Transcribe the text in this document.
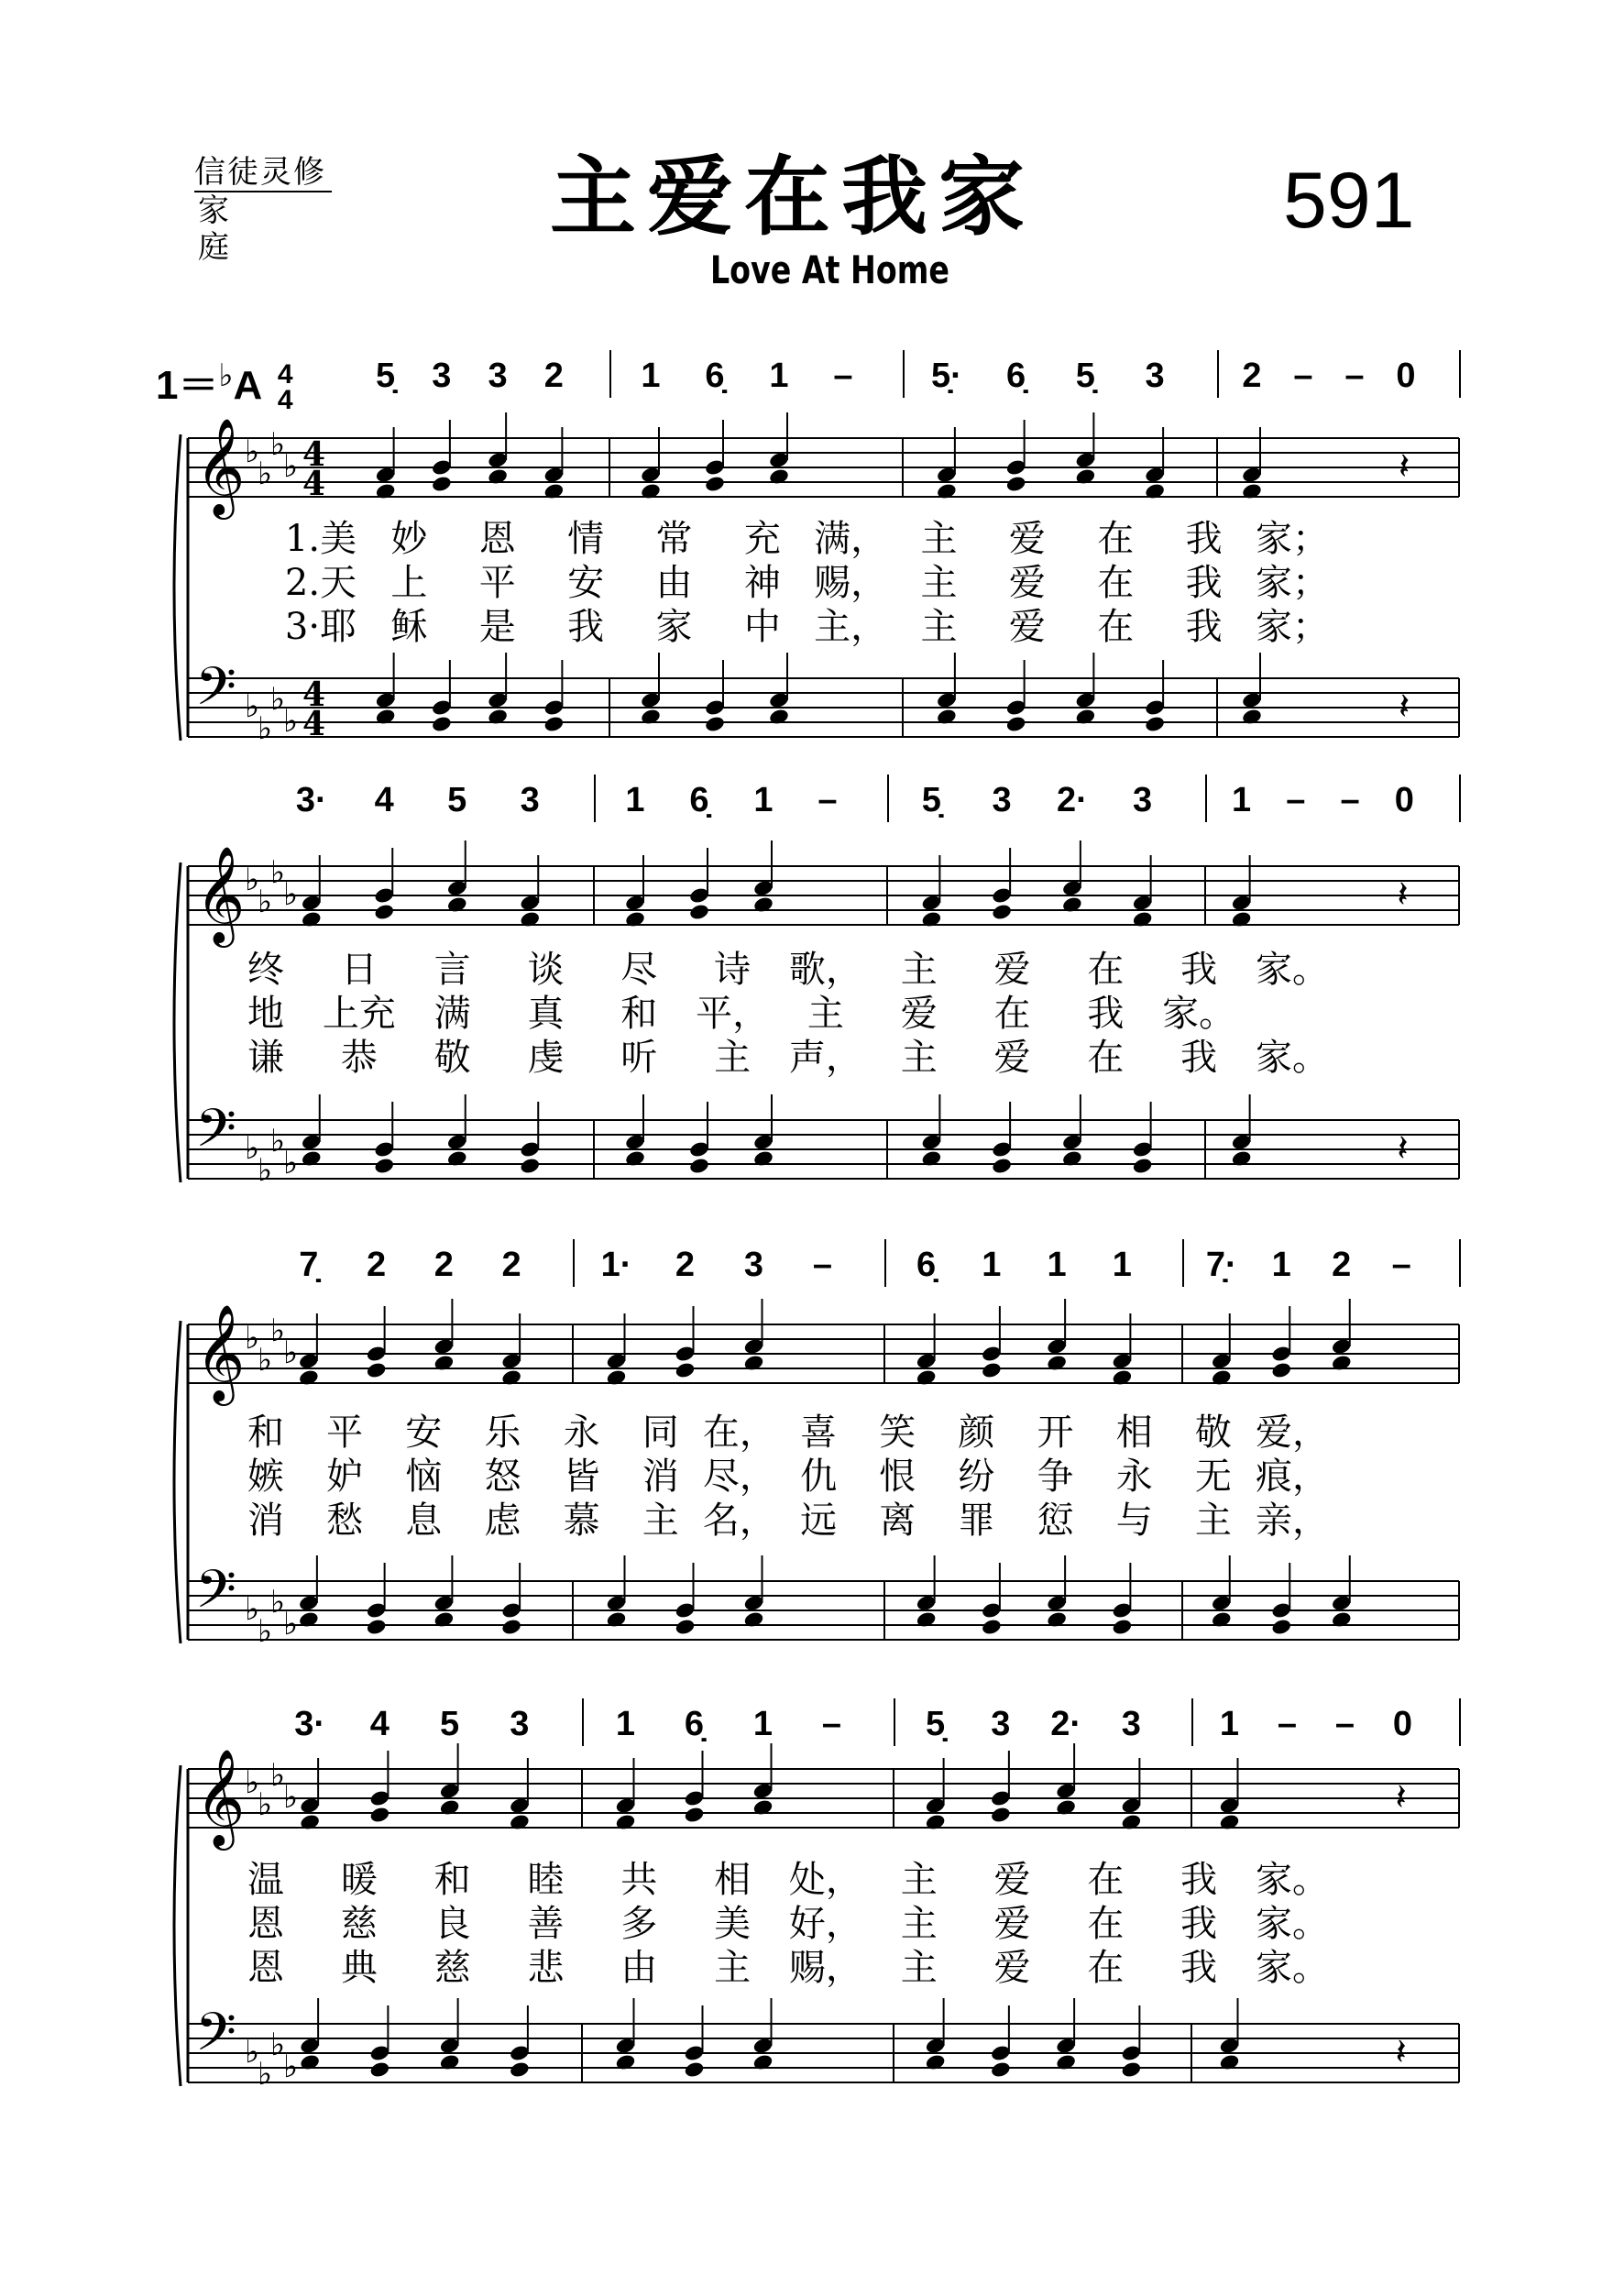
信徒灵修
家 庭	主爱在我家
Love At Home
591
1＝♭A 4
4
𝄞 ♭
♭
♭
♭ 4
4	𝄽
𝄢 ♭
♭
♭
♭
4
4	𝄽
𝄞 ♭
♭
♭
♭	𝄽
𝄢 ♭
♭
♭
♭	𝄽
𝄞 ♭
♭
♭
♭
𝄢 ♭
♭
♭
♭
𝄞 ♭
♭
♭
♭	𝄽
𝄢 ♭
♭
♭
♭	𝄽
5̣ 3 3 2 1 6̣ 1 – 5̣· 6̣ 5̣ 3 2 – – 0
1.美 妙 恩 情 常 充 满， 主 爱 在 我 家；
2.天 上 平 安 由 神 赐， 主 爱 在 我 家；
3·耶 稣 是 我 家 中 主， 主 爱 在 我 家；
3· 4 5 3 1 6̣ 1 – 5̣ 3 2· 3 1 – – 0
终 日 言 谈 尽 诗 歌， 主 爱 在 我 家。
地 上充 满 真 和 平， 主 爱 在 我 家。
谦 恭 敬 虔 听 主 声， 主 爱 在 我 家。
7̣ 2 2 2 1· 2 3 – 6̣ 1 1 1 7̣· 1 2 –
和 平 安 乐 永 同 在， 喜 笑 颜 开 相 敬 爱，
嫉 妒 恼 怒 皆 消 尽， 仇 恨 纷 争 永 无 痕，
消 愁 息 虑 慕 主 名， 远 离 罪 愆 与 主 亲，
3· 4 5 3 1 6̣ 1 – 5̣ 3 2· 3 1 – – 0
温 暖 和 睦 共 相 处， 主 爱 在 我 家。
恩 慈 良 善 多 美 好， 主 爱 在 我 家。
恩 典 慈 悲 由 主 赐， 主 爱 在 我 家。
